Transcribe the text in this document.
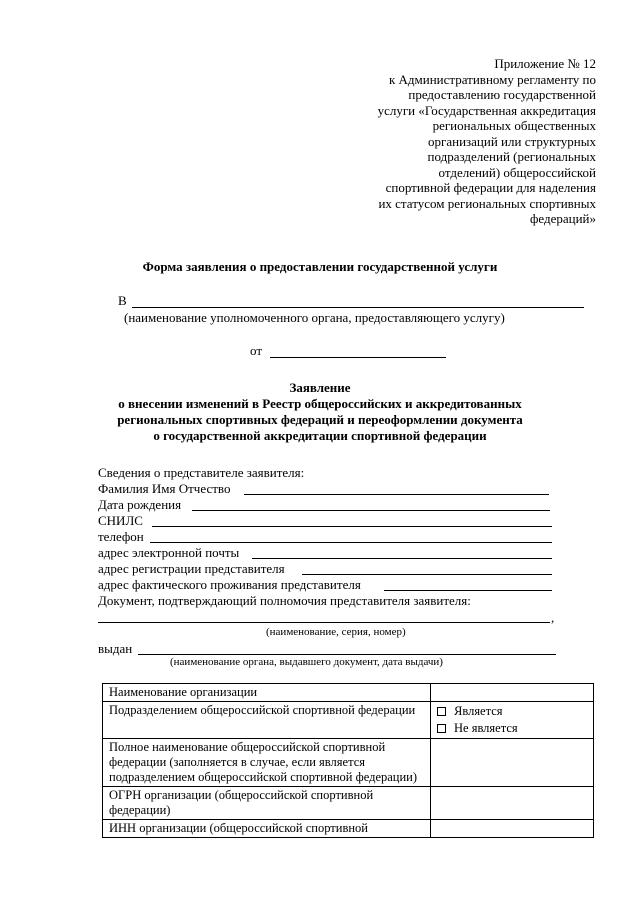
Приложение № 12
к Административному регламенту по
предоставлению государственной
услуги «Государственная аккредитация
региональных общественных
организаций или структурных
подразделений (региональных
отделений) общероссийской
спортивной федерации для наделения
их статусом региональных спортивных
федераций»
Форма заявления о предоставлении государственной услуги
В
(наименование уполномоченного органа, предоставляющего услугу)
от
Заявление
о внесении изменений в Реестр общероссийских и аккредитованных
региональных спортивных федераций и переоформлении документа
о государственной аккредитации спортивной федерации
Сведения о представителе заявителя:
Фамилия Имя Отчество
Дата рождения
СНИЛС
телефон
адрес электронной почты
адрес регистрации представителя
адрес фактического проживания представителя
Документ, подтверждающий полномочия представителя заявителя:
,
(наименование, серия, номер)
выдан
(наименование органа, выдавшего документ, дата выдачи)
Наименование организации	
Подразделением общероссийской спортивной федерации	Является
Не является

Полное наименование общероссийской спортивной федерации (заполняется в случае, если является подразделением общероссийской спортивной федерации)	
ОГРН организации (общероссийской спортивной федерации)	
ИНН организации (общероссийской спортивной	
